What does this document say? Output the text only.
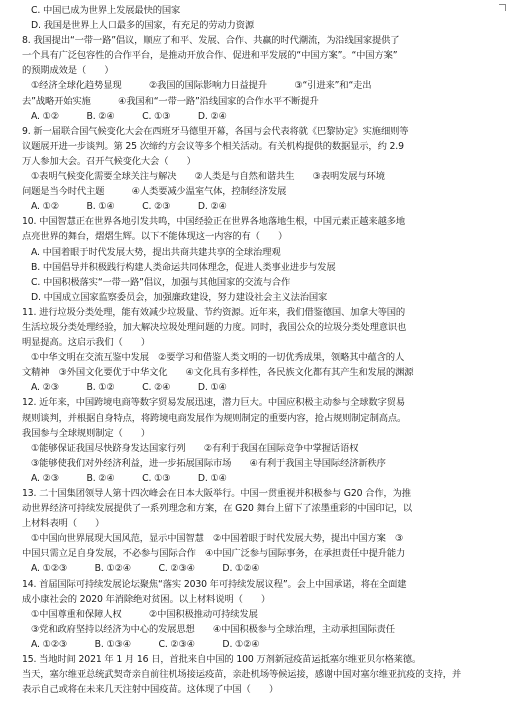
C. 中国已成为世界上发展最快的国家
D. 我国是世界上人口最多的国家，有充足的劳动力资源
8. 我国提出“一带一路”倡议，顺应了和平、发展、合作、共赢的时代潮流，为沿线国家提供了
一个具有广泛包容性的合作平台，是推动开放合作、促进和平发展的“中国方案”。“中国方案”
的预期成效是（　　）
①经济全球化趋势显现　　　②我国的国际影响力日益提升　　　③“引进来”和“走出
去”战略开始实施　　　④我国和“一带一路”沿线国家的合作水平不断提升
A. ①②　　　B. ②④　　　C. ①③　　　D. ②④
9. 新一届联合国气候变化大会在西班牙马德里开幕，各国与会代表将就《巴黎协定》实施细则等
议题展开进一步谈判。第 25 次缔约方会议等多个相关活动。有关机构提供的数据显示，约 2.9
万人参加大会。召开气候变化大会（　　）
①表明气候变化需要全球关注与解决　　②人类是与自然和谐共生　　③表明发展与环境
问题是当今时代主题　　　④人类要减少温室气体，控制经济发展
A. ①②　　　B. ①④　　　C. ②③　　　D. ②④
10. 中国智慧正在世界各地引发共鸣，中国经验正在世界各地落地生根，中国元素正越来越多地
点亮世界的舞台，熠熠生辉。以下不能体现这一内容的有（　　）
A. 中国着眼于时代发展大势，提出共商共建共享的全球治理观
B. 中国倡导并积极践行构建人类命运共同体理念，促进人类事业进步与发展
C. 中国积极落实“一带一路”倡议，加强与其他国家的交流与合作
D. 中国成立国家监察委员会，加强廉政建设，努力建设社会主义法治国家
11. 进行垃圾分类处理，能有效减少垃圾量、节约资源。近年来，我们借鉴德国、加拿大等国的
生活垃圾分类处理经验，加大解决垃圾处理问题的力度。同时，我国公众的垃圾分类处理意识也
明显提高。这启示我们（　　）
①中华文明在交流互鉴中发展　②要学习和借鉴人类文明的一切优秀成果，领略其中蕴含的人
文精神　③外国文化要优于中华文化　　④文化具有多样性，各民族文化都有其产生和发展的渊源
A. ②③　　　B. ①②　　　C. ②④　　　D. ①④
12. 近年来，中国跨境电商等数字贸易发展迅速，潜力巨大。中国应积极主动参与全球数字贸易
规则谈判，并根据自身特点，将跨境电商发展作为规则制定的重要内容，抢占规则制定制高点。
我国参与全球规则制定（　　）
①能够保证我国尽快跻身发达国家行列　　②有利于我国在国际竞争中掌握话语权
③能够使我们对外经济利益，进一步拓展国际市场　　④有利于我国主导国际经济新秩序
A. ②③　　　B. ②④　　　C. ①③　　　D. ①④
13. 二十国集团领导人第十四次峰会在日本大阪举行。中国一贯重视并积极参与 G20 合作，为推
动世界经济可持续发展提供了一系列理念和方案，在 G20 舞台上留下了浓墨重彩的中国印记，以
上材料表明（　　）
①中国向世界展现大国风范，显示中国智慧　②中国着眼于时代发展大势，提出中国方案　③
中国只需立足自身发展，不必参与国际合作　④中国广泛参与国际事务，在承担责任中提升能力
A. ①②③　　　B. ①②④　　　C. ②③④　　　D. ①②④
14. 首届国际可持续发展论坛聚焦“落实 2030 年可持续发展议程”。会上中国承诺，将在全面建
成小康社会的 2020 年消除绝对贫困。以上材料说明（　　）
①中国尊重和保障人权　　　②中国积极推动可持续发展
③党和政府坚持以经济为中心的发展思想　　④中国积极参与全球治理，主动承担国际责任
A. ①②③　　　B. ①③④　　　C. ②③④　　　D. ①②④
15. 当地时间 2021 年 1 月 16 日，首批来自中国的 100 万剂新冠疫苗运抵塞尔维亚贝尔格莱德。
当天，塞尔维亚总统武契奇亲自前往机场接运疫苗，亲赴机场等候运接，感谢中国对塞尔维亚抗疫的支持，并
表示自己或将在未来几天注射中国疫苗。这体现了中国（　　）
